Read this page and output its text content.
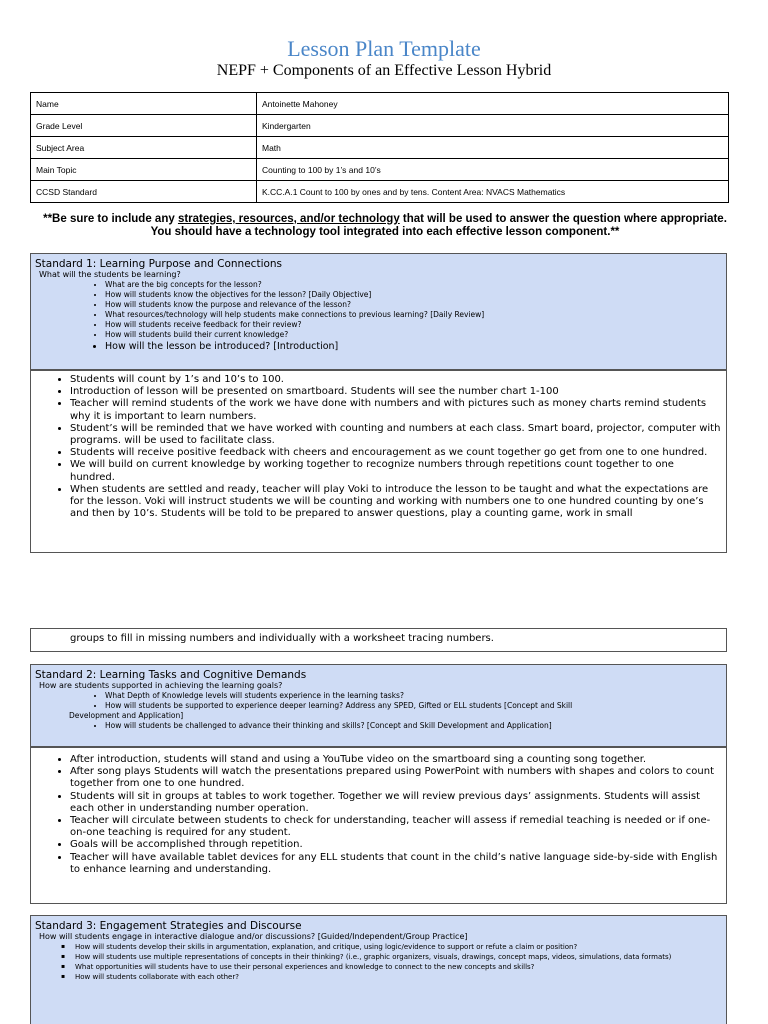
Lesson Plan Template
NEPF + Components of an Effective Lesson Hybrid
Name	Antoinette Mahoney
Grade Level	Kindergarten
Subject Area	Math
Main Topic	Counting to 100 by 1’s and 10’s
CCSD Standard	K.CC.A.1 Count to 100 by ones and by tens. Content Area: NVACS Mathematics
**Be sure to include any strategies, resources, and/or technology that will be used to answer the question where appropriate. You should have a technology tool integrated into each effective lesson component.**
Standard 1: Learning Purpose and Connections
What will the students be learning?
• What are the big concepts for the lesson?
• How will students know the objectives for the lesson? [Daily Objective]
• How will students know the purpose and relevance of the lesson?
• What resources/technology will help students make connections to previous learning? [Daily Review]
• How will students receive feedback for their review?
• How will students build their current knowledge?
• How will the lesson be introduced? [Introduction]
• Students will count by 1’s and 10’s to 100.
• Introduction of lesson will be presented on smartboard. Students will see the number chart 1-100
• Teacher will remind students of the work we have done with numbers and with pictures such as money charts remind students why it is important to learn numbers.
• Student’s will be reminded that we have worked with counting and numbers at each class. Smart board, projector, computer with programs. will be used to facilitate class.
• Students will receive positive feedback with cheers and encouragement as we count together go get from one to one hundred.
• We will build on current knowledge by working together to recognize numbers through repetitions count together to one hundred.
• When students are settled and ready, teacher will play Voki to introduce the lesson to be taught and what the expectations are for the lesson. Voki will instruct students we will be counting and working with numbers one to one hundred counting by one’s and then by 10’s. Students will be told to be prepared to answer questions, play a counting game, work in small
groups to fill in missing numbers and individually with a worksheet tracing numbers.
Standard 2: Learning Tasks and Cognitive Demands
How are students supported in achieving the learning goals?
• What Depth of Knowledge levels will students experience in the learning tasks?
• How will students be supported to experience deeper learning? Address any SPED, Gifted or ELL students [Concept and Skill
Development and Application]
• How will students be challenged to advance their thinking and skills? [Concept and Skill Development and Application]
• After introduction, students will stand and using a YouTube video on the smartboard sing a counting song together.
• After song plays Students will watch the presentations prepared using PowerPoint with numbers with shapes and colors to count together from one to one hundred.
• Students will sit in groups at tables to work together. Together we will review previous days’ assignments. Students will assist each other in understanding number operation.
• Teacher will circulate between students to check for understanding, teacher will assess if remedial teaching is needed or if one-on-one teaching is required for any student.
• Goals will be accomplished through repetition.
• Teacher will have available tablet devices for any ELL students that count in the child’s native language side-by-side with English to enhance learning and understanding.
Standard 3: Engagement Strategies and Discourse
How will students engage in interactive dialogue and/or discussions? [Guided/Independent/Group Practice]
▪ How will students develop their skills in argumentation, explanation, and critique, using logic/evidence to support or refute a claim or position?
▪ How will students use multiple representations of concepts in their thinking? (i.e., graphic organizers, visuals, drawings, concept maps, videos, simulations, data formats)
▪ What opportunities will students have to use their personal experiences and knowledge to connect to the new concepts and skills?
▪ How will students collaborate with each other?
